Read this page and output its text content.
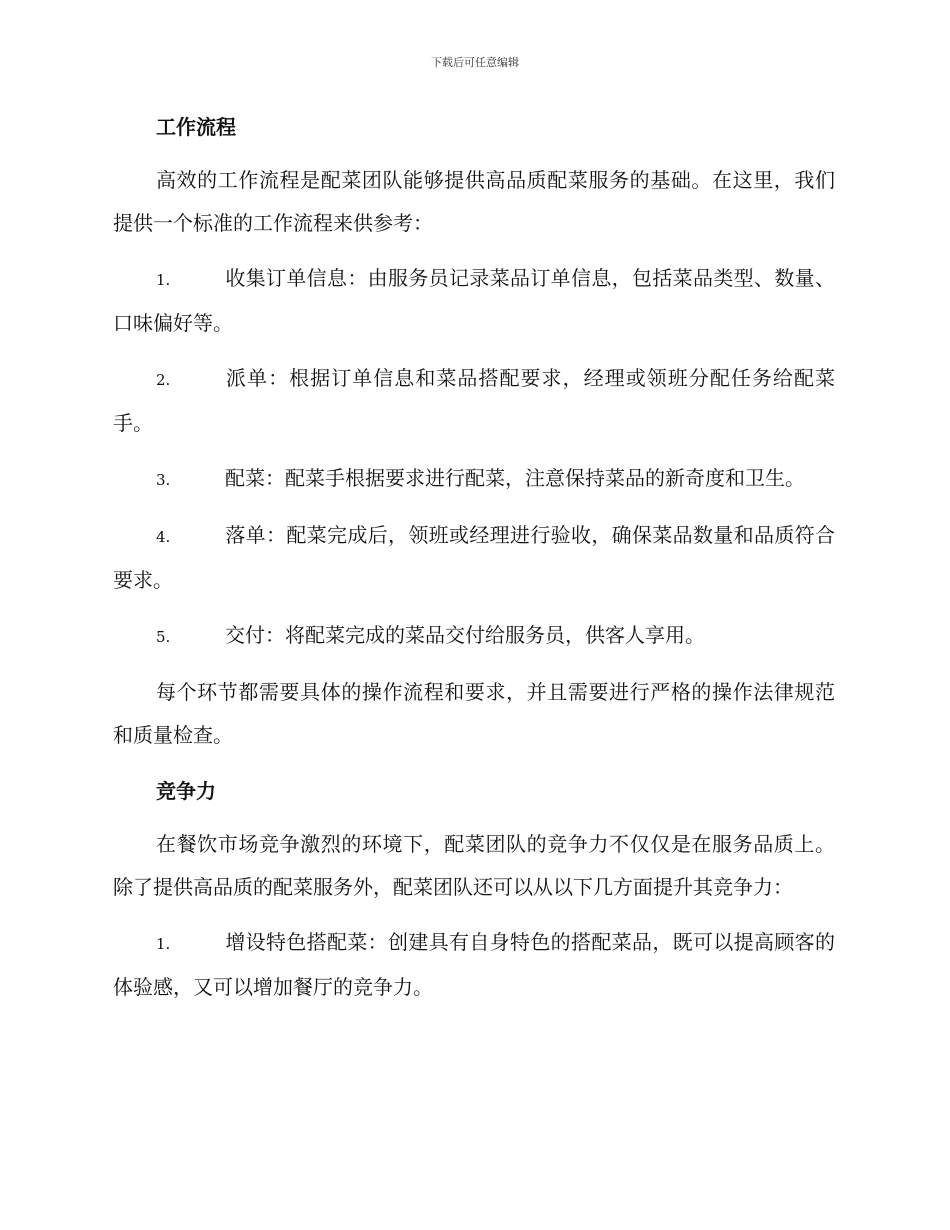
下载后可任意编辑
工作流程

高效的工作流程是配菜团队能够提供高品质配菜服务的基础。在这里，我们提供一个标准的工作流程来供参考：

1.	收集订单信息：由服务员记录菜品订单信息，包括菜品类型、数量、口味偏好等。

2.	派单：根据订单信息和菜品搭配要求，经理或领班分配任务给配菜手。

3.	配菜：配菜手根据要求进行配菜，注意保持菜品的新奇度和卫生。

4.	落单：配菜完成后，领班或经理进行验收，确保菜品数量和品质符合要求。

5.	交付：将配菜完成的菜品交付给服务员，供客人享用。

每个环节都需要具体的操作流程和要求，并且需要进行严格的操作法律规范和质量检查。

竞争力

在餐饮市场竞争激烈的环境下，配菜团队的竞争力不仅仅是在服务品质上。除了提供高品质的配菜服务外，配菜团队还可以从以下几方面提升其竞争力：

1.	增设特色搭配菜：创建具有自身特色的搭配菜品，既可以提高顾客的体验感，又可以增加餐厅的竞争力。
